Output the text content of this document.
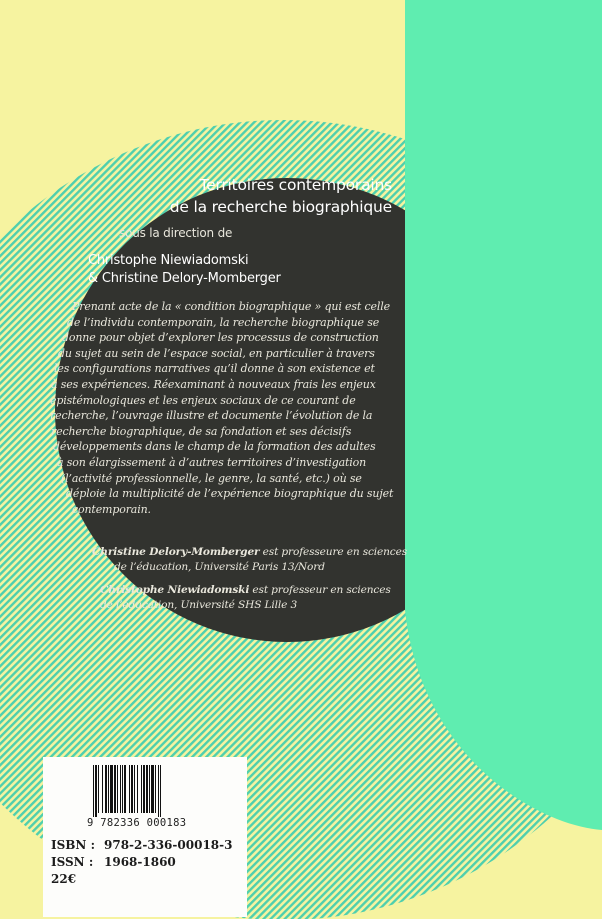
Territoires contemporains
de la recherche biographique
sous la direction de
Christophe Niewiadomski
& Christine Delory-Momberger
Prenant acte de la « condition biographique » qui est celle
de l’individu contemporain, la recherche biographique se
donne pour objet d’explorer les processus de construction
du sujet au sein de l’espace social, en particulier à travers
les configurations narratives qu’il donne à son existence et
à ses expériences. Réexaminant à nouveaux frais les enjeux
épistémologiques et les enjeux sociaux de ce courant de
recherche, l’ouvrage illustre et documente l’évolution de la
recherche biographique, de sa fondation et ses décisifs
développements dans le champ de la formation des adultes
à son élargissement à d’autres territoires d’investigation
(l’activité professionnelle, le genre, la santé, etc.) où se
déploie la multiplicité de l’expérience biographique du sujet
contemporain.
Christine Delory-Momberger est professeure en sciences
de l’éducation, Université Paris 13/Nord
Christophe Niewiadomski est professeur en sciences
de l’éducation, Université SHS Lille 3
9 782336 000183
ISBN : 978-2-336-00018-3
ISSN : 1968-1860
22€
